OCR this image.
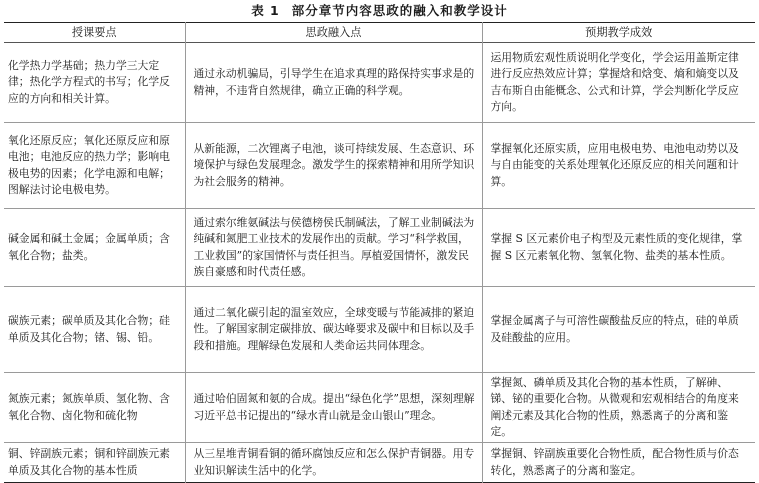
表 1 部分章节内容思政的融入和教学设计
授课要点	思政融入点	预期教学成效
化学热力学基础；热力学三大定律；热化学方程式的书写；化学反应的方向和相关计算。	通过永动机骗局，引导学生在追求真理的路保持实事求是的精神，不违背自然规律，确立正确的科学观。	运用物质宏观性质说明化学变化，学会运用盖斯定律进行反应热效应计算；掌握焓和焓变、熵和熵变以及吉布斯自由能概念、公式和计算，学会判断化学反应方向。
氧化还原反应；氧化还原反应和原电池；电池反应的热力学；影响电极电势的因素；化学电源和电解；图解法讨论电极电势。	从新能源，二次锂离子电池，谈可持续发展、生态意识、环境保护与绿色发展理念。激发学生的探索精神和用所学知识为社会服务的精神。	掌握氧化还原实质，应用电极电势、电池电动势以及与自由能变的关系处理氧化还原反应的相关问题和计算。
碱金属和碱土金属；金属单质；含氧化合物；盐类。	通过索尔维氨碱法与侯德榜侯氏制碱法，了解工业制碱法为纯碱和氮肥工业技术的发展作出的贡献。学习“科学救国，工业救国”的家国情怀与责任担当。厚植爱国情怀，激发民族自豪感和时代责任感。	掌握 S 区元素价电子构型及元素性质的变化规律，掌握 S 区元素氧化物、氢氧化物、盐类的基本性质。
碳族元素；碳单质及其化合物；硅单质及其化合物；锗、锡、铅。	通过二氧化碳引起的温室效应，全球变暖与节能减排的紧迫性。了解国家制定碳排放、碳达峰要求及碳中和目标以及手段和措施。理解绿色发展和人类命运共同体理念。	掌握金属离子与可溶性碳酸盐反应的特点，硅的单质及硅酸盐的应用。
氮族元素；氮族单质、氢化物、含氧化合物、卤化物和硫化物	通过哈伯固氮和氨的合成。提出“绿色化学”思想，深刻理解习近平总书记提出的“绿水青山就是金山银山”理念。	掌握氮、磷单质及其化合物的基本性质，了解砷、锑、铋的重要化合物。从微观和宏观相结合的角度来阐述元素及其化合物的性质，熟悉离子的分离和鉴定。
铜、锌副族元素；铜和锌副族元素单质及其化合物的基本性质	从三星堆青铜看铜的循环腐蚀反应和怎么保护青铜器。用专业知识解读生活中的化学。	掌握铜、锌副族重要化合物性质，配合物性质与价态转化，熟悉离子的分离和鉴定。
